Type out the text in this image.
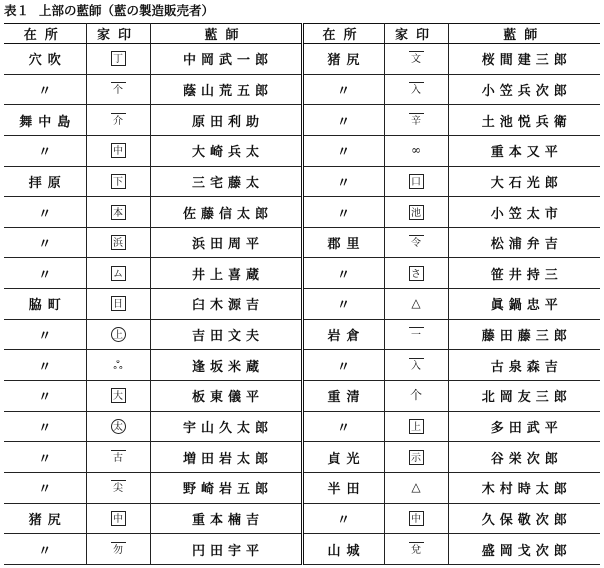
表１ 上部の藍師（藍の製造販売者）
在所	家印	藍師	在所	家印	藍師
穴吹	丁	中岡武一郎	猪尻	文	桜間建三郎
〃	个	蔭山荒五郎	〃	入	小笠兵次郎
舞中島	介	原田利助	〃	辛	土池悦兵衛
〃	中	大崎兵太	〃	∞	重本又平
拝原	下	三宅藤太	〃	口	大石光郎
〃	本	佐藤信太郎	〃	池	小笠太市
〃	浜	浜田周平	郡里	令	松浦弁吉
〃	ム	井上喜蔵	〃	さ	笹井持三
脇町	日	臼木源吉	〃	△	眞鍋忠平
〃	上	吉田文夫	岩倉	一	藤田藤三郎
〃	ஃ	逢坂米蔵	〃	入	古泉森吉
〃	大	板東儀平	重清	个	北岡友三郎
〃	太	宇山久太郎	〃	上	多田武平
〃	古	増田岩太郎	貞光	示	谷栄次郎
〃	尖	野崎岩五郎	半田	△	木村時太郎
猪尻	中	重本楠吉	〃	中	久保敬次郎
〃	勿	円田宇平	山城	兌	盛岡戈次郎
